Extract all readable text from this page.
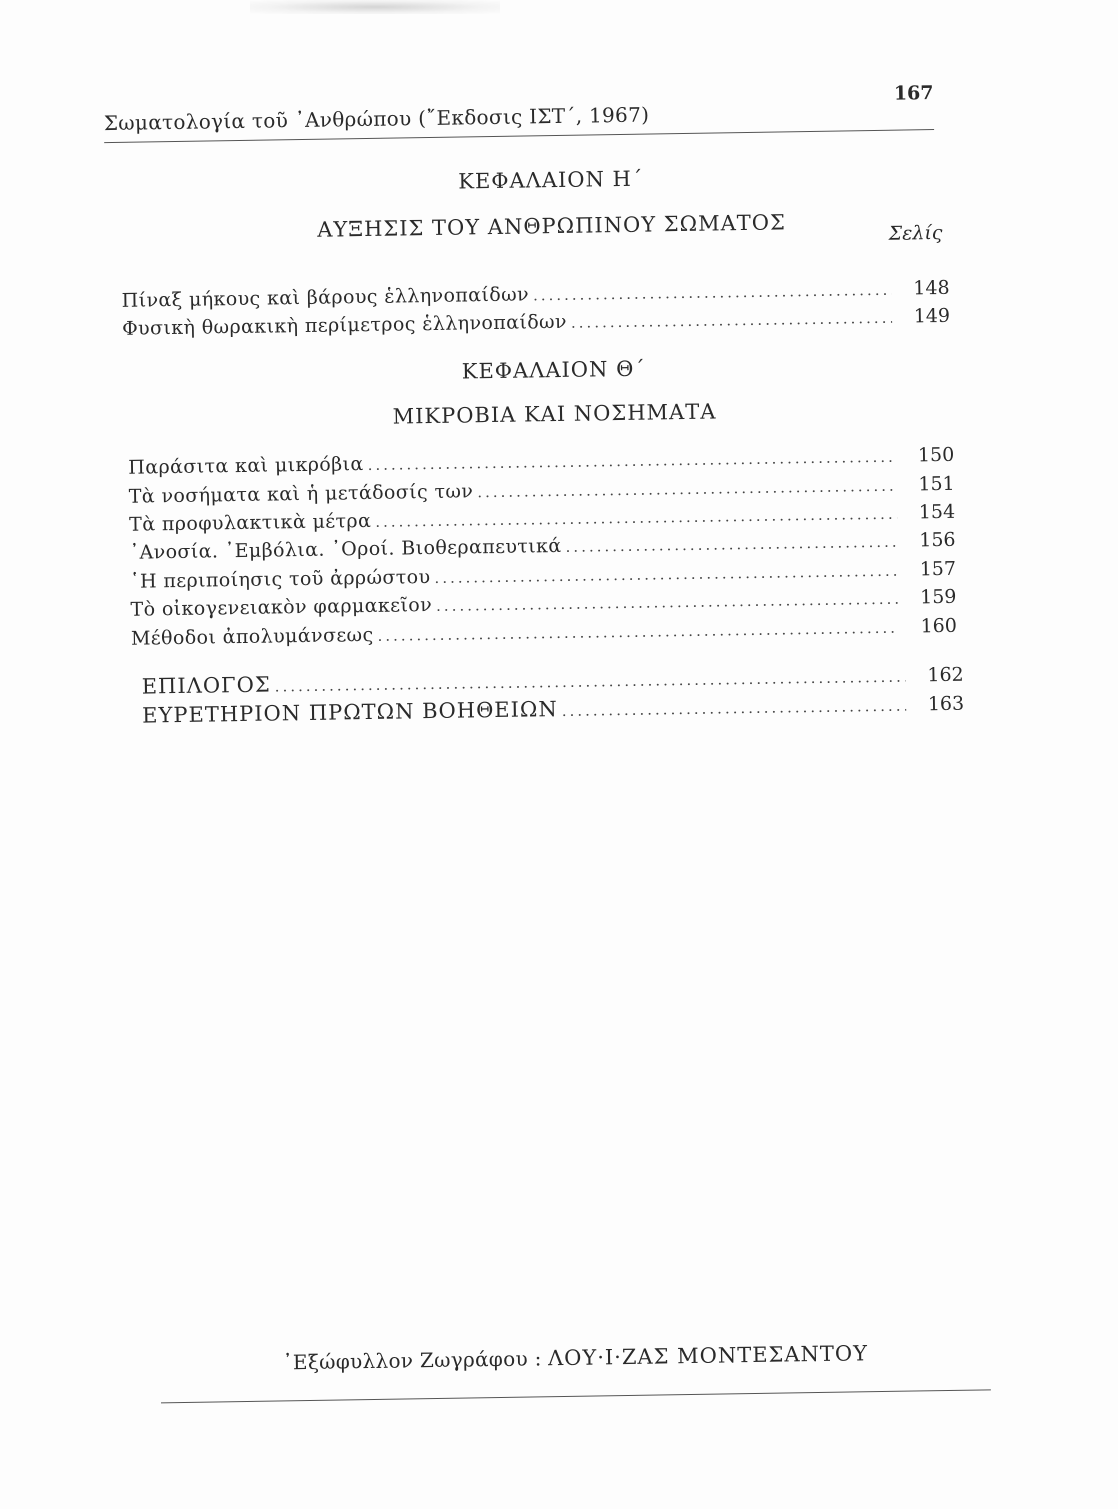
Σωματολογία τοῦ ᾿Ανθρώπου (῎Εκδοσις ΙΣΤ΄, 1967)
167
ΚΕΦΑΛΑΙΟΝ Η΄
ΑΥΞΗΣΙΣ ΤΟΥ ΑΝΘΡΩΠΙΝΟΥ ΣΩΜΑΤΟΣ	Σελίς
Πίναξ μήκους καὶ βάρους ἑλληνοπαίδων .....	148
Φυσικὴ θωρακικὴ περίμετρος ἑλληνοπαίδων .....	149
ΚΕΦΑΛΑΙΟΝ Θ΄
ΜΙΚΡΟΒΙΑ ΚΑΙ ΝΟΣΗΜΑΤΑ
Παράσιτα καὶ μικρόβια .....	150
Τὰ νοσήματα καὶ ἡ μετάδοσίς των .....	151
Τὰ προφυλακτικὰ μέτρα .....	154
᾿Ανοσία. ᾿Εμβόλια. ᾿Οροί. Βιοθεραπευτικά .....	156
῾Η περιποίησις τοῦ ἀρρώστου .....	157
Τὸ οἰκογενειακὸν φαρμακεῖον .....	159
Μέθοδοι ἀπολυμάνσεως .....	160
ΕΠΙΛΟΓΟΣ .....	162
ΕΥΡΕΤΗΡΙΟΝ ΠΡΩΤΩΝ ΒΟΗΘΕΙΩΝ .....	163
᾿Εξώφυλλον Ζωγράφου : ΛΟΥ·Ι·ΖΑΣ ΜΟΝΤΕΣΑΝΤΟΥ
